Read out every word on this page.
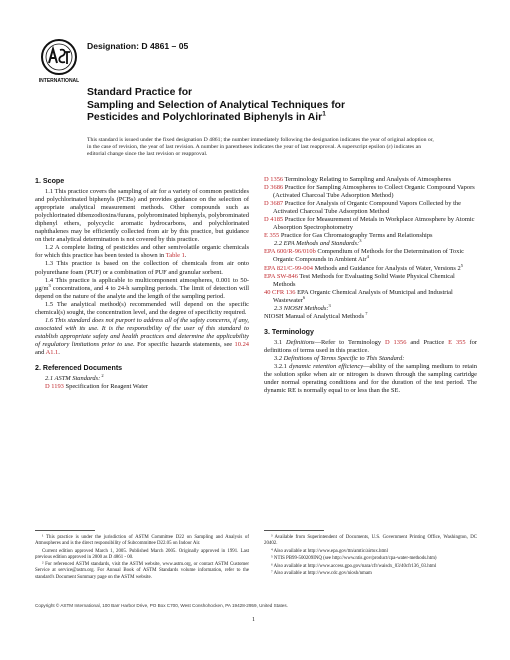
INTERNATIONAL
Designation: D 4861 – 05
Standard Practice for
Sampling and Selection of Analytical Techniques for
Pesticides and Polychlorinated Biphenyls in Air$^1$
This standard is issued under the fixed designation D 4861; the number immediately following the designation indicates the year of original adoption or, in the case of revision, the year of last revision. A number in parentheses indicates the year of last reapproval. A superscript epsilon (ε) indicates an editorial change since the last revision or reapproval.
1. Scope

1.1 This practice covers the sampling of air for a variety of common pesticides and polychlorinated biphenyls (PCBs) and provides guidance on the selection of appropriate analytical measurement methods. Other compounds such as polychlorinated dibenzodioxins/furans, polybrominated biphenyls, polybrominated diphenyl ethers, polycyclic aromatic hydrocarbons, and polychlorinated naphthalenes may be efficiently collected from air by this practice, but guidance on their analytical determination is not covered by this practice.

1.2 A complete listing of pesticides and other semivolatile organic chemicals for which this practice has been tested is shown in Table 1.

1.3 This practice is based on the collection of chemicals from air onto polyurethane foam (PUF) or a combination of PUF and granular sorbent.

1.4 This practice is applicable to multicomponent atmospheres, 0.001 to $50-\mu g/m^3$ concentrations, and 4 to 24-h sampling periods. The limit of detection will depend on the nature of the analyte and the length of the sampling period.

1.5 The analytical method(s) recommended will depend on the specific chemical(s) sought, the concentration level, and the degree of specificity required.

1.6 This standard does not purport to address all of the safety concerns, if any, associated with its use. It is the responsibility of the user of this standard to establish appropriate safety and health practices and determine the applicability of regulatory limitations prior to use. For specific hazards statements, see 10.24 and A1.1.

2. Referenced Documents

2.1 ASTM Standards: $^2$

D 1193 Specification for Reagent Water

D 1356 Terminology Relating to Sampling and Analysis of Atmospheres

D 3686 Practice for Sampling Atmospheres to Collect Organic Compound Vapors (Activated Charcoal Tube Adsorption Method)

D 3687 Practice for Analysis of Organic Compound Vapors Collected by the Activated Charcoal Tube Adsorption Method

D 4185 Practice for Measurement of Metals in Workplace Atmosphere by Atomic Absorption Spectrophotometry

E 355 Practice for Gas Chromatography Terms and Relationships

2.2 EPA Methods and Standards:$^3$

EPA 600/R-96/010b Compendium of Methods for the Determination of Toxic Organic Compounds in Ambient Air$^4$

EPA 821/C-99-004 Methods and Guidance for Analysis of Water, Versions $2^5$

EPA SW-846 Test Methods for Evaluating Solid Waste Physical Chemical Methods

40 CFR 136 EPA Organic Chemical Analysis of Municipal and Industrial Wastewater$^6$

2.3 NIOSH Methods:$^3$

NIOSH Manual of Analytical Methods $^7$

3. Terminology

3.1 Definitions—Refer to Terminology D 1356 and Practice E 355 for definitions of terms used in this practice.

3.2 Definitions of Terms Specific to This Standard:

3.2.1 dynamic retention efficiency—ability of the sampling medium to retain the solution spike when air or nitrogen is drawn through the sampling cartridge under normal operating conditions and for the duration of the test period. The dynamic RE is normally equal to or less than the SE.

¹ This practice is under the jurisdiction of ASTM Committee D22 on Sampling and Analysis of Atmospheres and is the direct responsibility of Subcommittee D22.05 on Indoor Air.

Current edition approved March 1, 2005. Published March 2005. Originally approved in 1991. Last previous edition approved in 2000 as D 4861 - 00.

² For referenced ASTM standards, visit the ASTM website, www.astm.org, or contact ASTM Customer Service at service@astm.org. For Annual Book of ASTM Standards volume information, refer to the standard's Document Summary page on the ASTM website.

³ Available from Superintendent of Documents, U.S. Government Printing Office, Washington, DC 20402.

⁴ Also available at http://www.epa.gov/ttn/amtic/airtox.html

⁵ NTIS PB99-500209INQ (see http://www.ntis.gov/product/cpa-water-methods.htm)

⁶ Also available at http://www.access.gpo.gov/nara/cfr/waisdx_03/40cfr136_03.html

⁷ Also available at http://www.cdc.gov/niosh/nmam

Copyright © ASTM International, 100 Barr Harbor Drive, PO Box C700, West Conshohocken, PA 19428-2959, United States.
1
